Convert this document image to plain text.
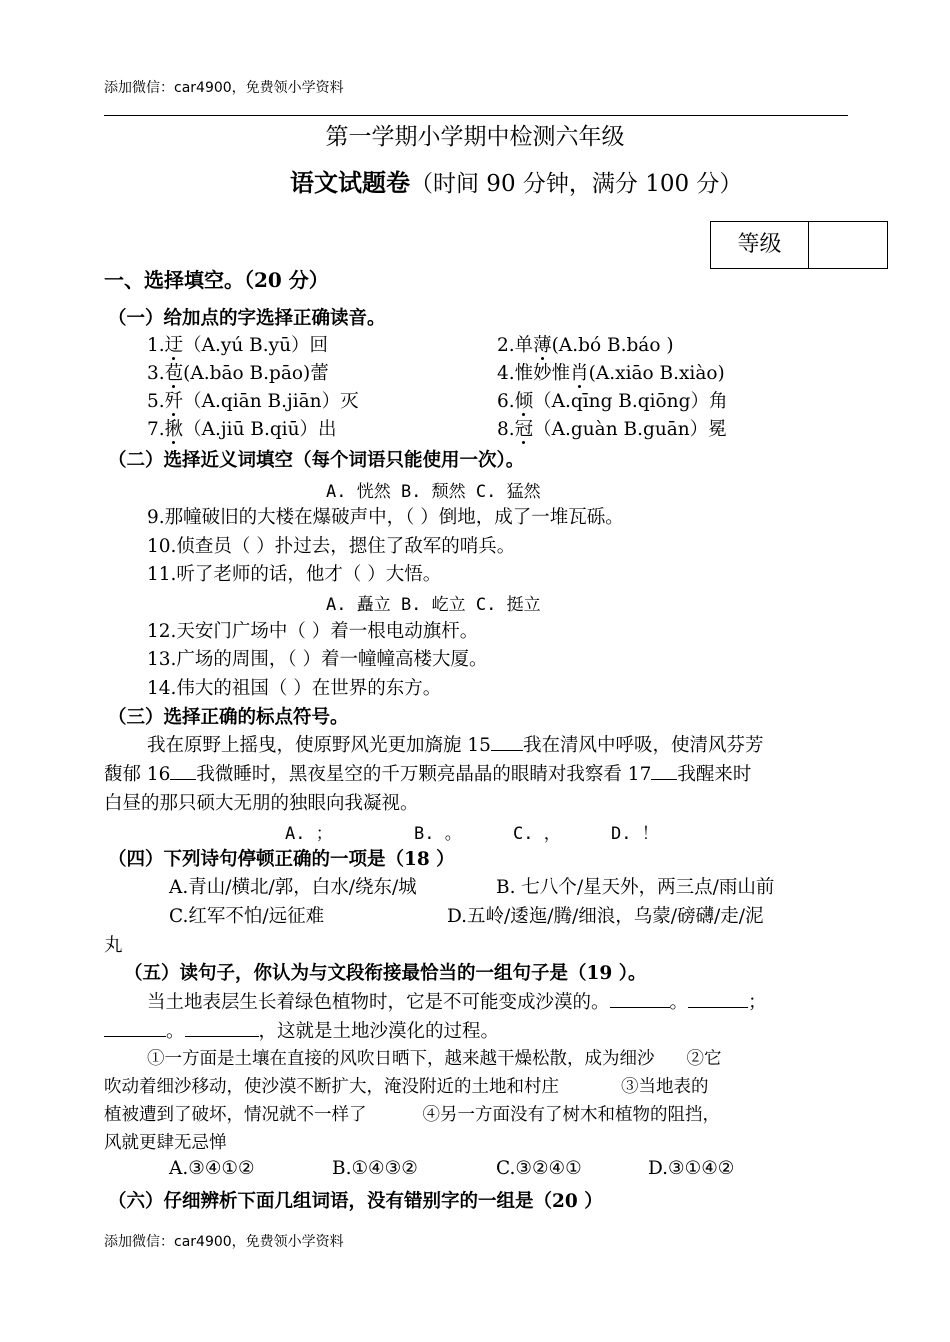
添加微信：car4900，免费领小学资料
第一学期小学期中检测六年级
语文试题卷（时间 90 分钟，满分 100 分）
等级
一、选择填空。（20 分）
（一）给加点的字选择正确读音。
1.迂（A.yú B.yū）回	2.单薄(A.bó B.báo )
3.苞(A.bāo B.pāo)蕾	4.惟妙惟肖(A.xiāo B.xiào)
5.歼（A.qiān B.jiān）灭	6.倾（A.qīng B.qiōng）角
7.揪（A.jiū B.qiū）出	8.冠（A.guàn B.guān）冕
（二）选择近义词填空（每个词语只能使用一次）。
A. 恍然 B. 颓然 C. 猛然
9.那幢破旧的大楼在爆破声中，（ ）倒地，成了一堆瓦砾。
10.侦查员（ ）扑过去，摁住了敌军的哨兵。
11.听了老师的话，他才（ ）大悟。
A. 矗立 B. 屹立 C. 挺立
12.天安门广场中（ ）着一根电动旗杆。
13.广场的周围，（ ）着一幢幢高楼大厦。
14.伟大的祖国（ ）在世界的东方。
（三）选择正确的标点符号。
我在原野上摇曳，使原野风光更加旖旎 15 我在清风中呼吸，使清风芬芳
馥郁 16 我微睡时，黑夜星空的千万颗亮晶晶的眼睛对我察看 17 我醒来时
白昼的那只硕大无朋的独眼向我凝视。
A. ；	B. 。	C. ，	D. ！
（四）下列诗句停顿正确的一项是（18 ）
A.青山/横北/郭，白水/绕东/城	B. 七八个/星天外，两三点/雨山前
C.红军不怕/远征难	D.五岭/逶迤/腾/细浪，乌蒙/磅礴/走/泥
丸
（五）读句子，你认为与文段衔接最恰当的一组句子是（19 ）。
当土地表层生长着绿色植物时，它是不可能变成沙漠的。	。	；
。	，这就是土地沙漠化的过程。
①一方面是土壤在直接的风吹日晒下，越来越干燥松散，成为细沙 ②它
吹动着细沙移动，使沙漠不断扩大，淹没附近的土地和村庄	③当地表的
植被遭到了破坏，情况就不一样了	④另一方面没有了树木和植物的阻挡，
风就更肆无忌惮
A.③④①②	B.①④③②	C.③②④①	D.③①④②
（六）仔细辨析下面几组词语，没有错别字的一组是（20 ）
添加微信：car4900，免费领小学资料
